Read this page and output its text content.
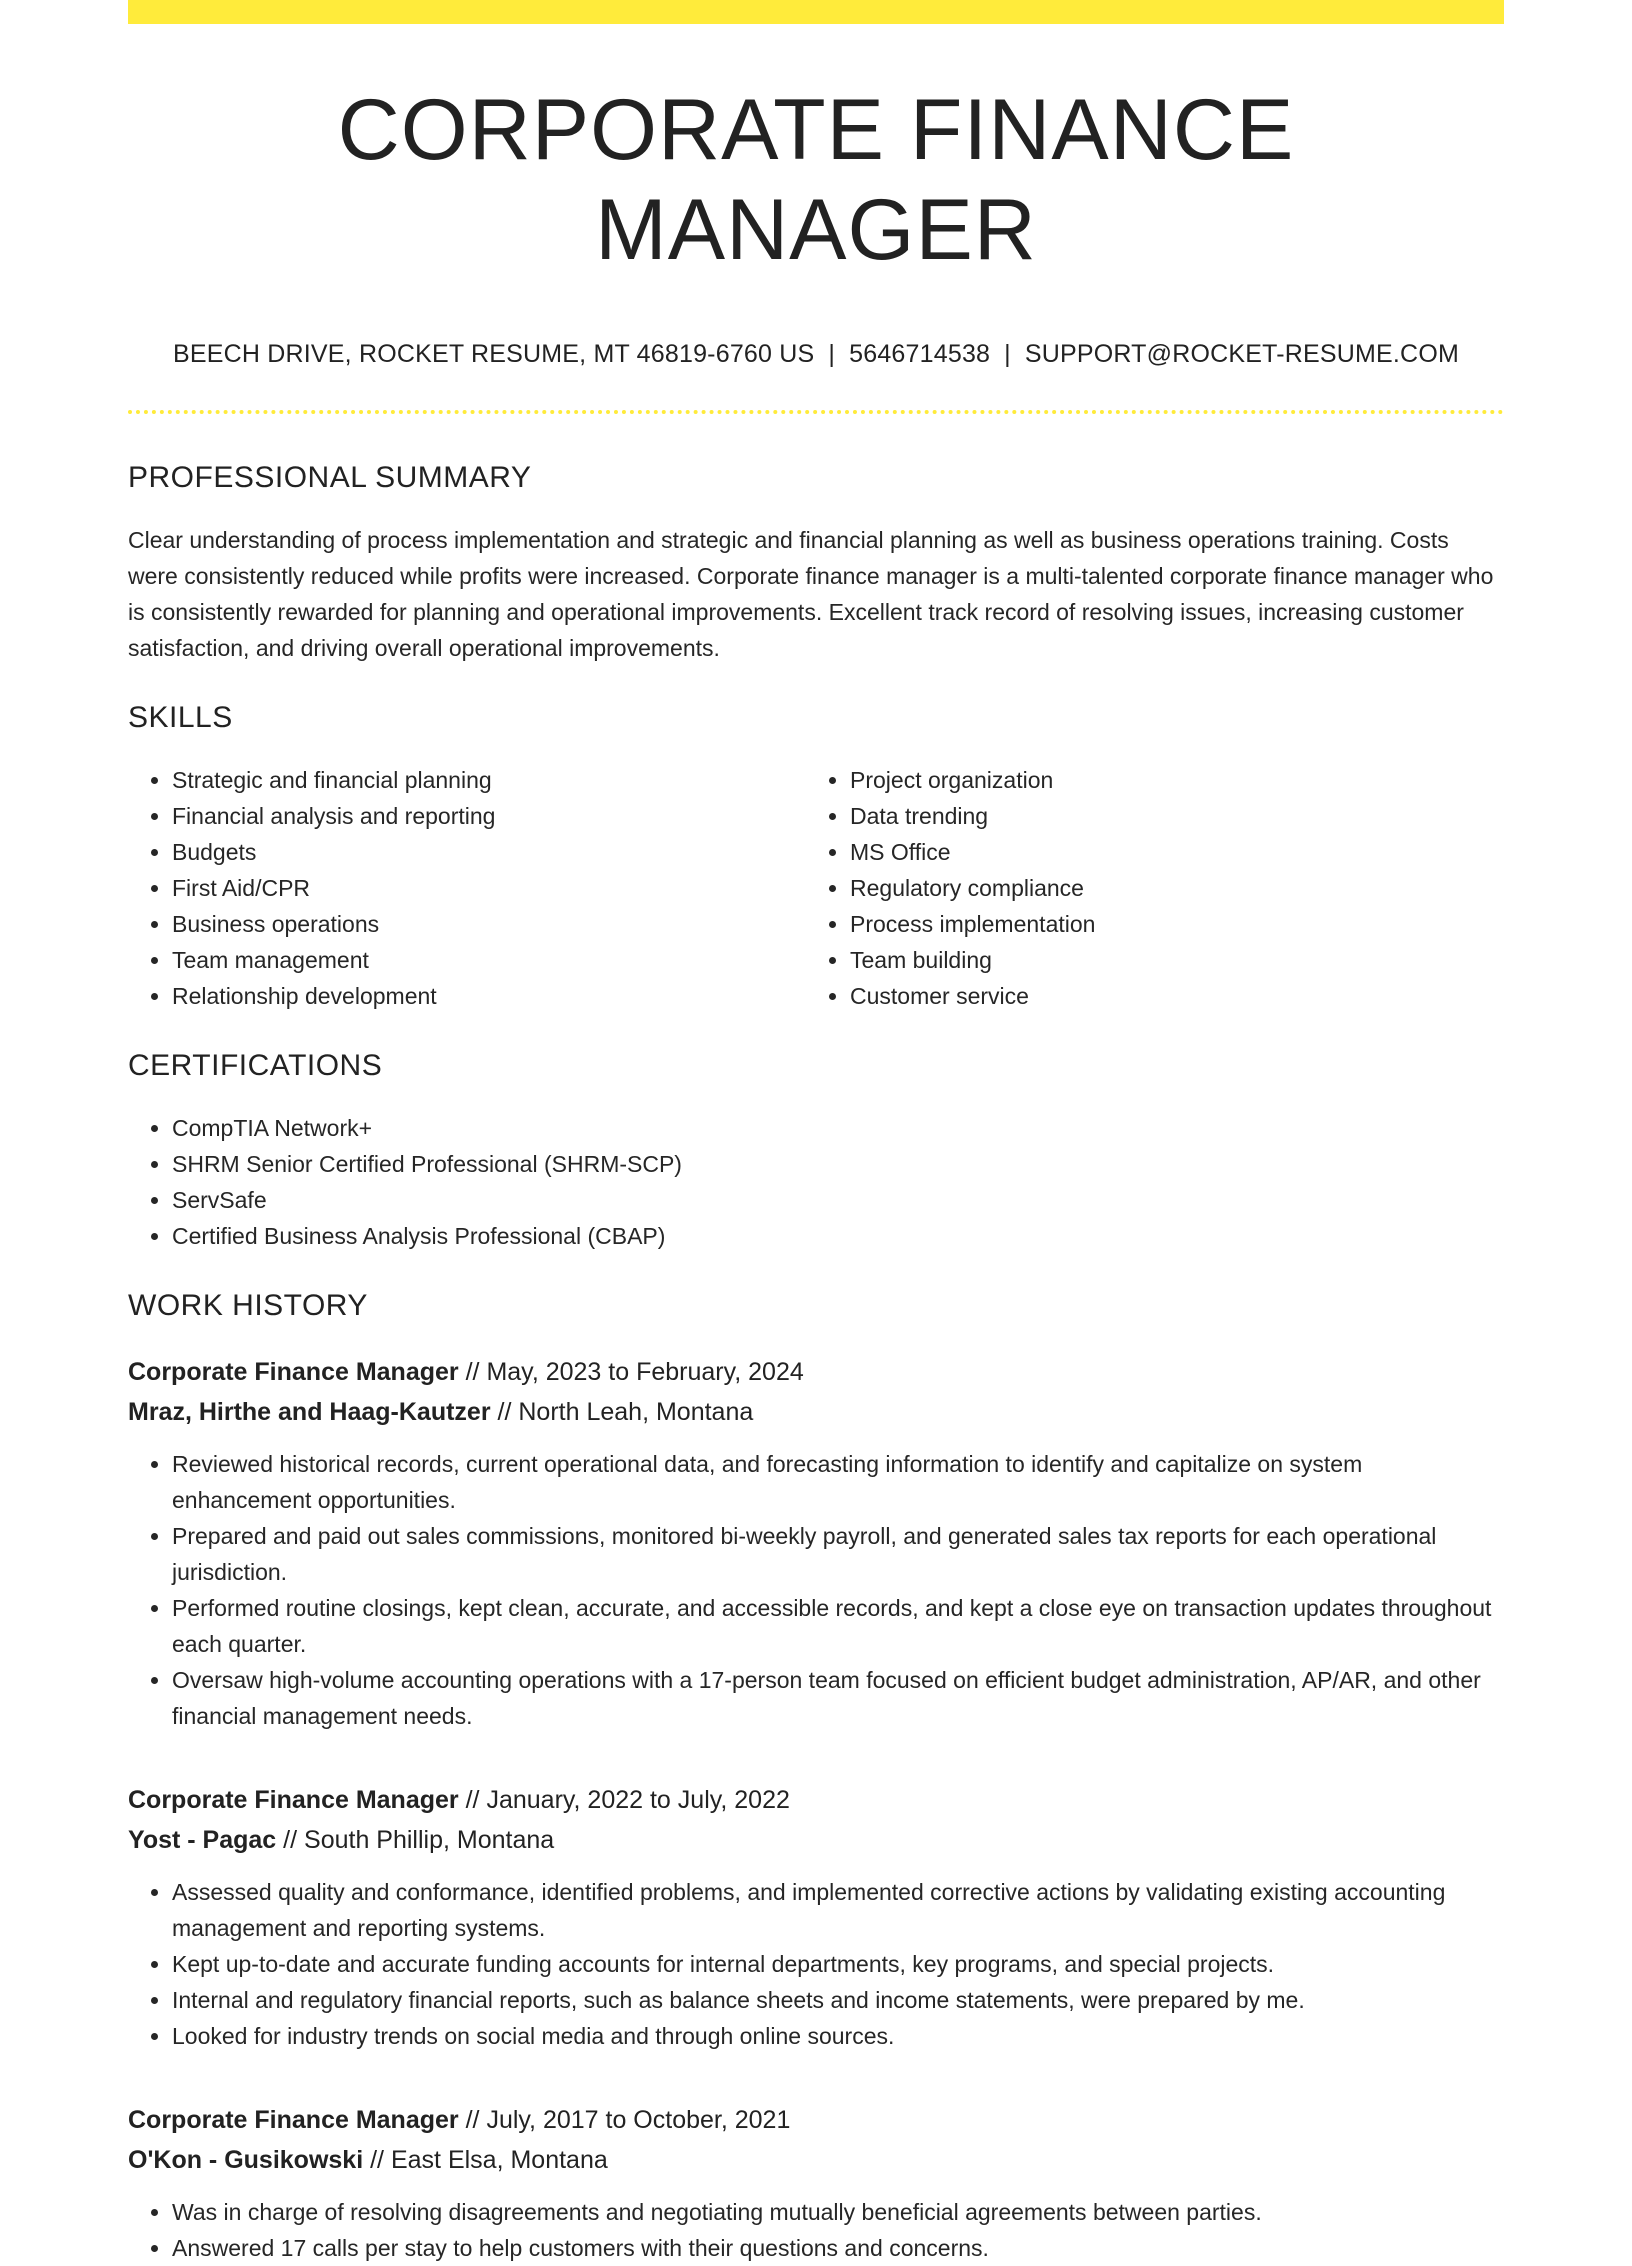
CORPORATE FINANCE MANAGER
BEECH DRIVE, ROCKET RESUME, MT 46819-6760 US | 5646714538 | SUPPORT@ROCKET-RESUME.COM
PROFESSIONAL SUMMARY

Clear understanding of process implementation and strategic and financial planning as well as business operations training. Costs were consistently reduced while profits were increased. Corporate finance manager is a multi-talented corporate finance manager who is consistently rewarded for planning and operational improvements. Excellent track record of resolving issues, increasing customer satisfaction, and driving overall operational improvements.

SKILLS
• Strategic and financial planning
• Financial analysis and reporting
• Budgets
• First Aid/CPR
• Business operations
• Team management
• Relationship development
• Project organization
• Data trending
• MS Office
• Regulatory compliance
• Process implementation
• Team building
• Customer service
CERTIFICATIONS
• CompTIA Network+
• SHRM Senior Certified Professional (SHRM-SCP)
• ServSafe
• Certified Business Analysis Professional (CBAP)
WORK HISTORY
Corporate Finance Manager // May, 2023 to February, 2024
Mraz, Hirthe and Haag-Kautzer // North Leah, Montana
• Reviewed historical records, current operational data, and forecasting information to identify and capitalize on system enhancement opportunities.
• Prepared and paid out sales commissions, monitored bi-weekly payroll, and generated sales tax reports for each operational jurisdiction.
• Performed routine closings, kept clean, accurate, and accessible records, and kept a close eye on transaction updates throughout each quarter.
• Oversaw high-volume accounting operations with a 17-person team focused on efficient budget administration, AP/AR, and other financial management needs.
Corporate Finance Manager // January, 2022 to July, 2022
Yost - Pagac // South Phillip, Montana
• Assessed quality and conformance, identified problems, and implemented corrective actions by validating existing accounting management and reporting systems.
• Kept up-to-date and accurate funding accounts for internal departments, key programs, and special projects.
• Internal and regulatory financial reports, such as balance sheets and income statements, were prepared by me.
• Looked for industry trends on social media and through online sources.
Corporate Finance Manager // July, 2017 to October, 2021
O'Kon - Gusikowski // East Elsa, Montana
• Was in charge of resolving disagreements and negotiating mutually beneficial agreements between parties.
• Answered 17 calls per stay to help customers with their questions and concerns.
